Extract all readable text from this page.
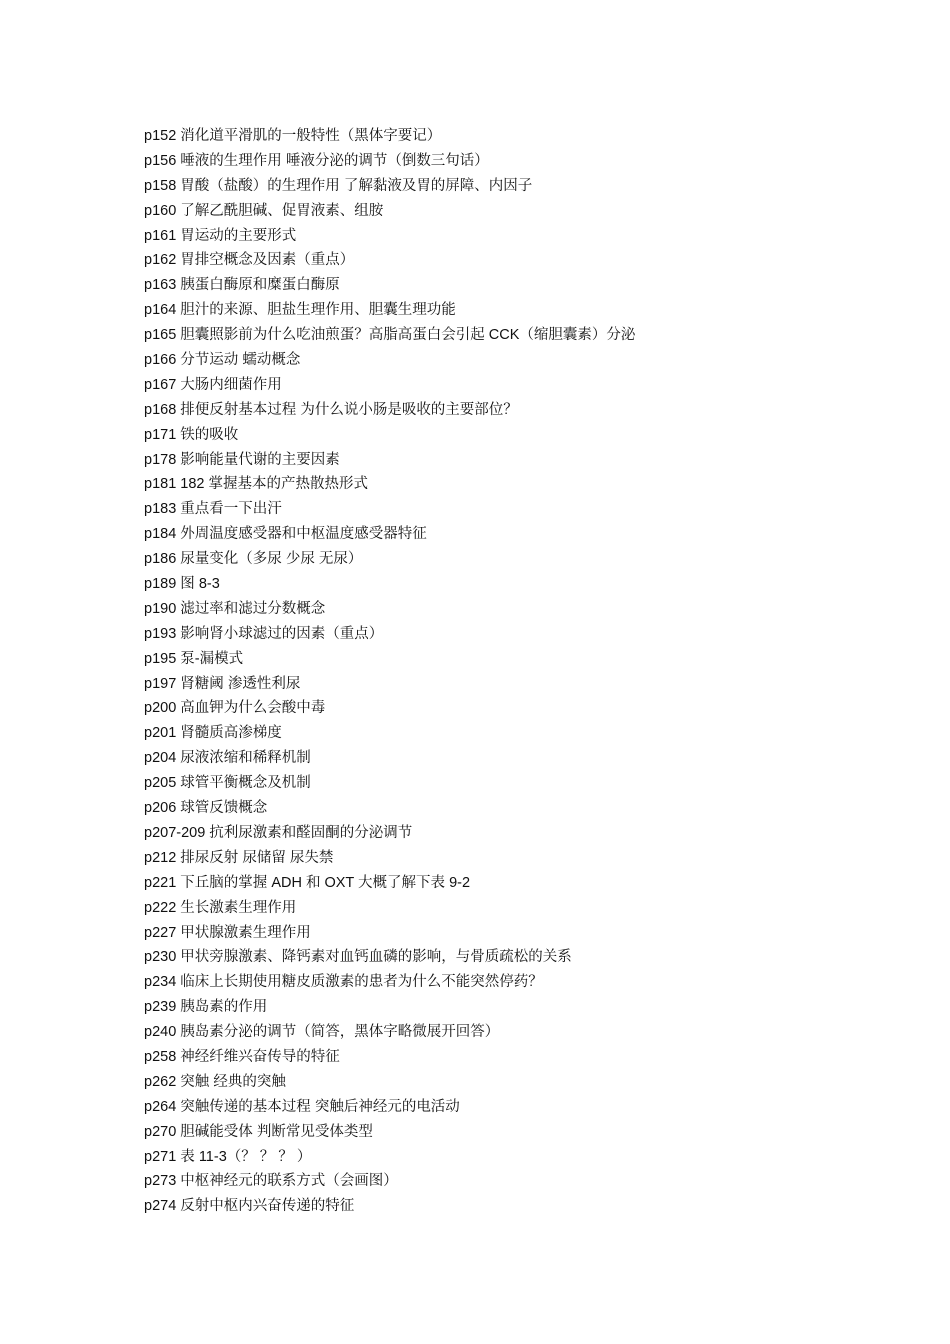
p152 消化道平滑肌的一般特性（黑体字要记）
p156 唾液的生理作用 唾液分泌的调节（倒数三句话）
p158 胃酸（盐酸）的生理作用 了解黏液及胃的屏障、内因子
p160 了解乙酰胆碱、促胃液素、组胺
p161 胃运动的主要形式
p162 胃排空概念及因素（重点）
p163 胰蛋白酶原和糜蛋白酶原
p164 胆汁的来源、胆盐生理作用、胆囊生理功能
p165 胆囊照影前为什么吃油煎蛋？高脂高蛋白会引起 CCK（缩胆囊素）分泌
p166 分节运动 蠕动概念
p167 大肠内细菌作用
p168 排便反射基本过程 为什么说小肠是吸收的主要部位？
p171 铁的吸收
p178 影响能量代谢的主要因素
p181 182 掌握基本的产热散热形式
p183 重点看一下出汗
p184 外周温度感受器和中枢温度感受器特征
p186 尿量变化（多尿 少尿 无尿）
p189 图 8-3
p190 滤过率和滤过分数概念
p193 影响肾小球滤过的因素（重点）
p195 泵-漏模式
p197 肾糖阈 渗透性利尿
p200 高血钾为什么会酸中毒
p201 肾髓质高渗梯度
p204 尿液浓缩和稀释机制
p205 球管平衡概念及机制
p206 球管反馈概念
p207-209 抗利尿激素和醛固酮的分泌调节
p212 排尿反射 尿储留 尿失禁
p221 下丘脑的掌握 ADH 和 OXT 大概了解下表 9-2
p222 生长激素生理作用
p227 甲状腺激素生理作用
p230 甲状旁腺激素、降钙素对血钙血磷的影响，与骨质疏松的关系
p234 临床上长期使用糖皮质激素的患者为什么不能突然停药？
p239 胰岛素的作用
p240 胰岛素分泌的调节（简答，黑体字略微展开回答）
p258 神经纤维兴奋传导的特征
p262 突触 经典的突触
p264 突触传递的基本过程 突触后神经元的电活动
p270 胆碱能受体 判断常见受体类型
p271 表 11-3（？ ？ ？ ）
p273 中枢神经元的联系方式（会画图）
p274 反射中枢内兴奋传递的特征
